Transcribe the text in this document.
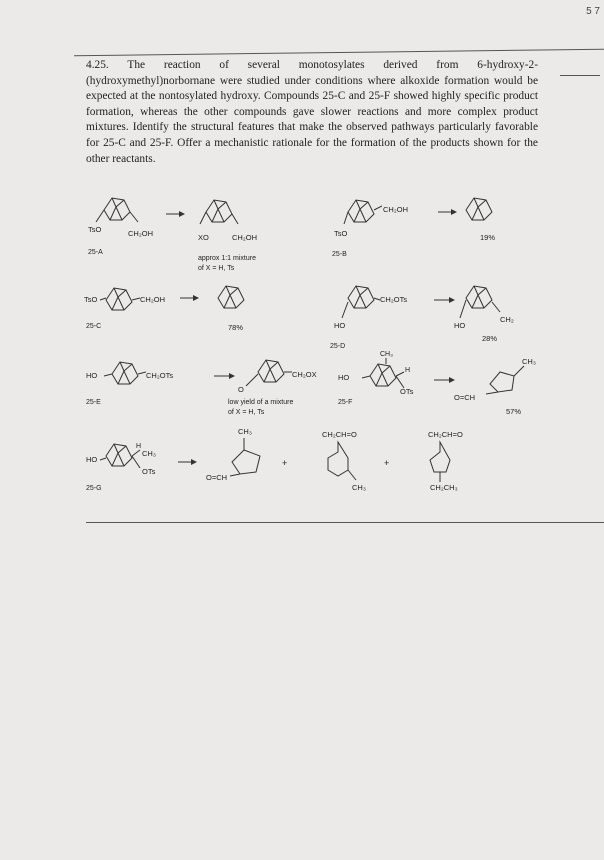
5 7
4.25. The reaction of several monotosylates derived from 6-hydroxy-2-(hydroxymethyl)norbornane were studied under conditions where alkoxide formation would be expected at the nontosylated hydroxy. Compounds 25-C and 25-F showed highly specific product formation, whereas the other compounds gave slower reactions and more complex product mixtures. Identify the structural features that make the observed pathways particularly favorable for 25-C and 25-F. Offer a mechanistic rationale for the formation of the products shown for the other reactants.
TsO	CH₂OH
25-A
XO	CH₂OH
approx 1:1 mixture
of X = H, Ts
CH₂OH
TsO
25-B
19%
TsO	CH₂OH
25-C	78%
CH₂OTs
HO
25-D
HO
CH₂
28%
HO	CH₂OTs
25-E
O
CH₂OX
low yield of a mixture
of X = H, Ts
CH₃
H
HO
OTs
25-F
CH₃
O=CH
57%
H
CH₃
HO
OTs
25-G
CH₃
O=CH
+
CH₂CH=O
CH₃
+
CH₂CH=O
CH₂CH₃
